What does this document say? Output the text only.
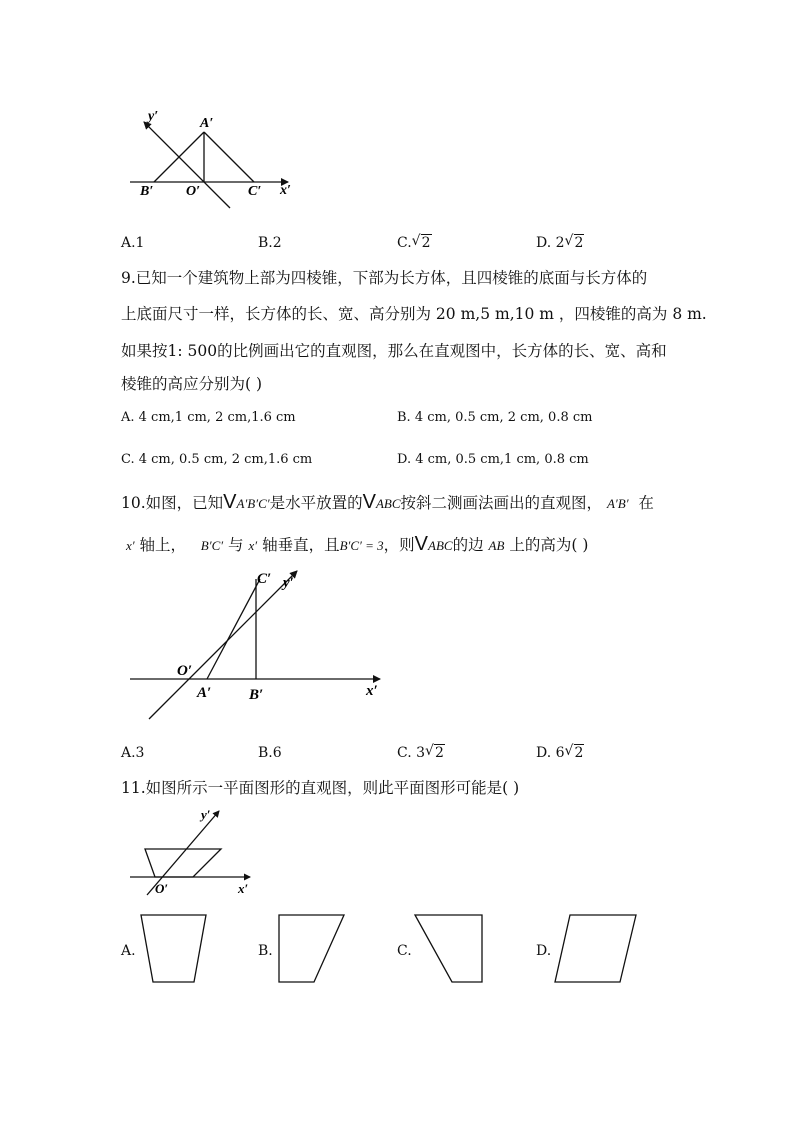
y′	A′
B′ O′	C′ x′
A.1	B.2	C. √ 2	D. 2 √ 2
9.已知一个建筑物上部为四棱锥，下部为长方体，且四棱锥的底面与长方体的
上底面尺寸一样，长方体的长、宽、高分别为 20 m,5 m,10 m ，四棱锥的高为 8 m.
如果按1: 500的比例画出它的直观图，那么在直观图中，长方体的长、宽、高和
棱锥的高应分别为( )
A. 4 cm,1 cm, 2 cm,1.6 cm	B. 4 cm, 0.5 cm, 2 cm, 0.8 cm
C. 4 cm, 0.5 cm, 2 cm,1.6 cm	D. 4 cm, 0.5 cm,1 cm, 0.8 cm
10.如图，已知VA′B′C′是水平放置的VABC按斜二测画法画出的直观图， A′B′ 在
x′ 轴上， B′C′ 与 x′ 轴垂直，且B′C′ = 3，则VABC的边 AB 上的高为( )
C′ y′
O′
A′	B′	x′
A.3	B.6	C. 3 √ 2	D. 6 √ 2
11.如图所示一平面图形的直观图，则此平面图形可能是( )
y′
O′	x′
A.	B.	C.	D.
